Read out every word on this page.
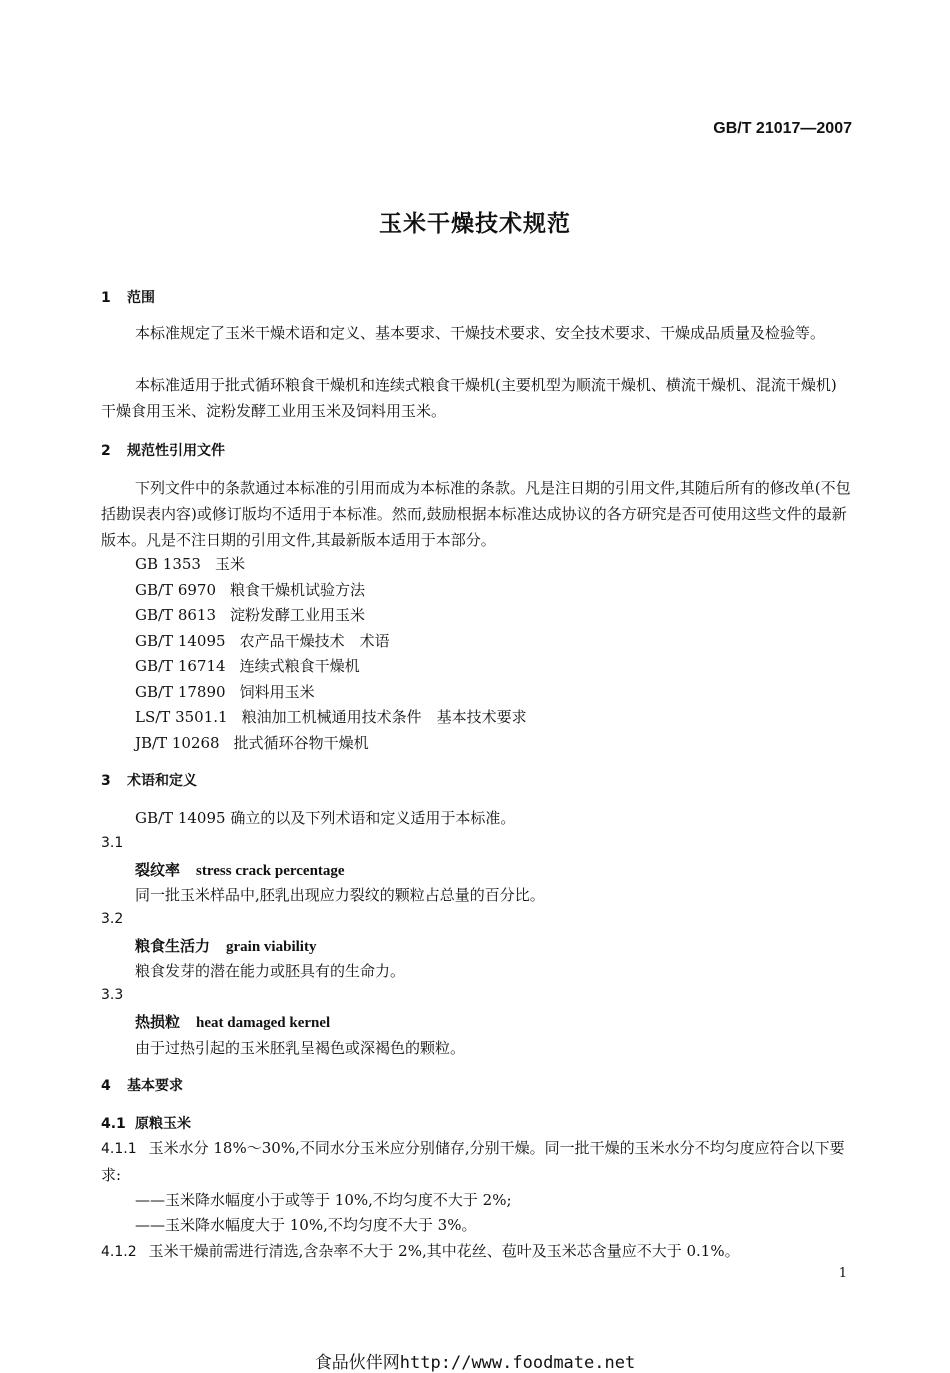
GB/T 21017—2007
玉米干燥技术规范
1 范围
本标准规定了玉米干燥术语和定义、基本要求、干燥技术要求、安全技术要求、干燥成品质量及检验等。
本标准适用于批式循环粮食干燥机和连续式粮食干燥机(主要机型为顺流干燥机、横流干燥机、混流干燥机)干燥食用玉米、淀粉发酵工业用玉米及饲料用玉米。
2 规范性引用文件
下列文件中的条款通过本标准的引用而成为本标准的条款。凡是注日期的引用文件,其随后所有的修改单(不包括勘误表内容)或修订版均不适用于本标准。然而,鼓励根据本标准达成协议的各方研究是否可使用这些文件的最新版本。凡是不注日期的引用文件,其最新版本适用于本部分。
GB 1353 玉米
GB/T 6970 粮食干燥机试验方法
GB/T 8613 淀粉发酵工业用玉米
GB/T 14095 农产品干燥技术　术语
GB/T 16714 连续式粮食干燥机
GB/T 17890 饲料用玉米
LS/T 3501.1 粮油加工机械通用技术条件　基本技术要求
JB/T 10268 批式循环谷物干燥机
3 术语和定义
GB/T 14095 确立的以及下列术语和定义适用于本标准。
3.1
裂纹率 stress crack percentage
同一批玉米样品中,胚乳出现应力裂纹的颗粒占总量的百分比。
3.2
粮食生活力 grain viability
粮食发芽的潜在能力或胚具有的生命力。
3.3
热损粒 heat damaged kernel
由于过热引起的玉米胚乳呈褐色或深褐色的颗粒。
4 基本要求
4.1 原粮玉米
4.1.1 玉米水分 18%～30%,不同水分玉米应分别储存,分别干燥。同一批干燥的玉米水分不均匀度应符合以下要求:
——玉米降水幅度小于或等于 10%,不均匀度不大于 2%;
——玉米降水幅度大于 10%,不均匀度不大于 3%。
4.1.2 玉米干燥前需进行清选,含杂率不大于 2%,其中花丝、苞叶及玉米芯含量应不大于 0.1%。
1
食品伙伴网http://www.foodmate.net
